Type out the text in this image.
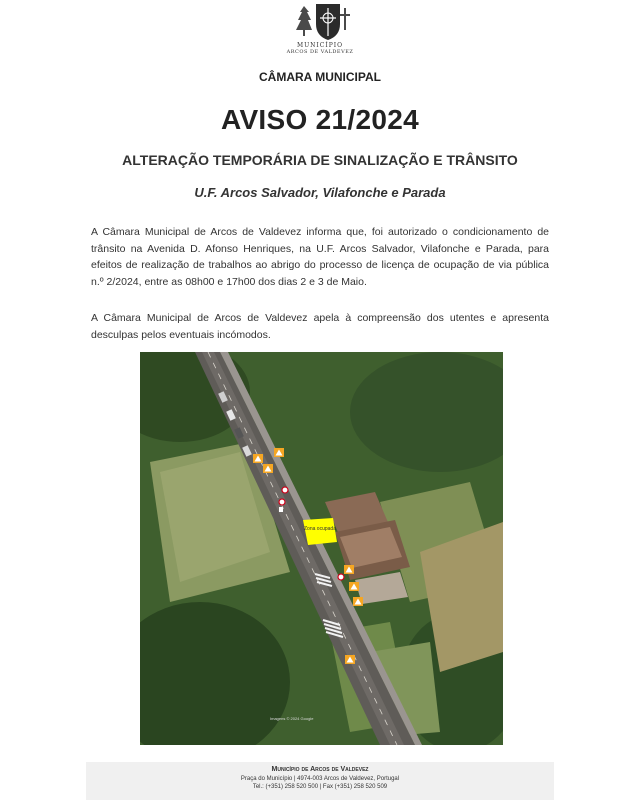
MUNICÍPIO
ARCOS DE VALDEVEZ
CÂMARA MUNICIPAL
AVISO 21/2024
ALTERAÇÃO TEMPORÁRIA DE SINALIZAÇÃO E TRÂNSITO
U.F. Arcos Salvador, Vilafonche e Parada
A Câmara Municipal de Arcos de Valdevez informa que, foi autorizado o condicionamento de trânsito na Avenida D. Afonso Henriques, na U.F. Arcos Salvador, Vilafonche e Parada, para efeitos de realização de trabalhos ao abrigo do processo de licença de ocupação de via pública n.º 2/2024, entre as 08h00 e 17h00 dos dias 2 e 3 de Maio.
A Câmara Municipal de Arcos de Valdevez apela à compreensão dos utentes e apresenta desculpas pelos eventuais incómodos.
Zona ocupada
Imagens © 2024 Google
Município de Arcos de Valdevez
Praça do Município | 4974-003 Arcos de Valdevez, Portugal
Tel.: (+351) 258 520 500 | Fax (+351) 258 520 509
